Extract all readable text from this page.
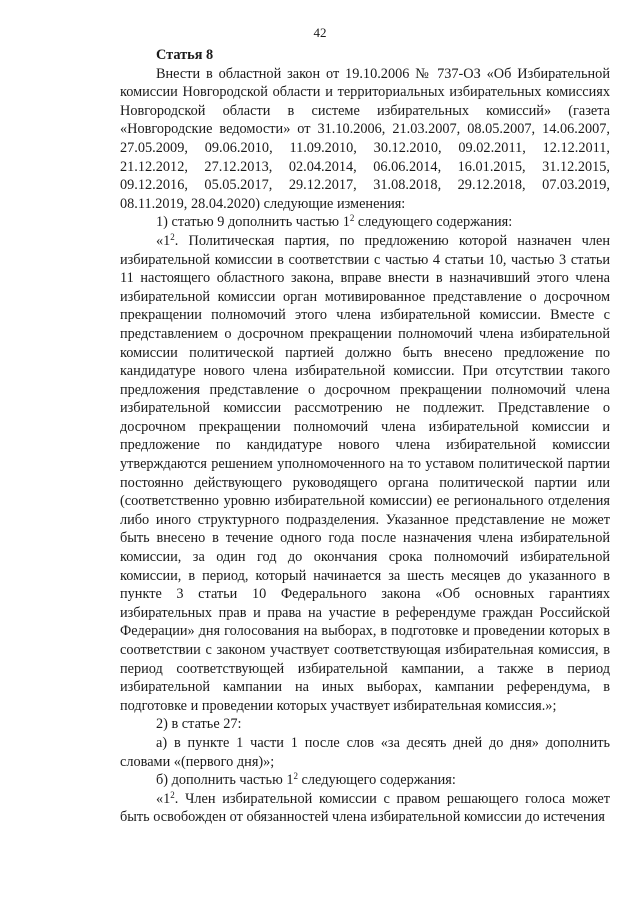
42

Статья 8

Внести в областной закон от 19.10.2006 № 737-ОЗ «Об Избирательной комиссии Новгородской области и территориальных избирательных комиссиях Новгородской области в системе избирательных комиссий» (газета «Новгородские ведомости» от 31.10.2006, 21.03.2007, 08.05.2007, 14.06.2007, 27.05.2009, 09.06.2010, 11.09.2010, 30.12.2010, 09.02.2011, 12.12.2011, 21.12.2012, 27.12.2013, 02.04.2014, 06.06.2014, 16.01.2015, 31.12.2015, 09.12.2016, 05.05.2017, 29.12.2017, 31.08.2018, 29.12.2018, 07.03.2019, 08.11.2019, 28.04.2020) следующие изменения:

1) статью 9 дополнить частью $1^2$ следующего содержания:

«$1^2$. Политическая партия, по предложению которой назначен член избирательной комиссии в соответствии с частью 4 статьи 10, частью 3 статьи 11 настоящего областного закона, вправе внести в назначивший этого члена избирательной комиссии орган мотивированное представление о досрочном прекращении полномочий этого члена избирательной комиссии. Вместе с представлением о досрочном прекращении полномочий члена избирательной комиссии политической партией должно быть внесено предложение по кандидатуре нового члена избирательной комиссии. При отсутствии такого предложения представление о досрочном прекращении полномочий члена избирательной комиссии рассмотрению не подлежит. Представление о досрочном прекращении полномочий члена избирательной комиссии и предложение по кандидатуре нового члена избирательной комиссии утверждаются решением уполномоченного на то уставом политической партии постоянно действующего руководящего органа политической партии или (соответственно уровню избирательной комиссии) ее регионального отделения либо иного структурного подразделения. Указанное представление не может быть внесено в течение одного года после назначения члена избирательной комиссии, за один год до окончания срока полномочий избирательной комиссии, в период, который начинается за шесть месяцев до указанного в пункте 3 статьи 10 Федерального закона «Об основных гарантиях избирательных прав и права на участие в референдуме граждан Российской Федерации» дня голосования на выборах, в подготовке и проведении которых в соответствии с законом участвует соответствующая избирательная комиссия, в период соответствующей избирательной кампании, а также в период избирательной кампании на иных выборах, кампании референдума, в подготовке и проведении которых участвует избирательная комиссия.»;

2) в статье 27:

а) в пункте 1 части 1 после слов «за десять дней до дня» дополнить словами «(первого дня)»;

б) дополнить частью $1^2$ следующего содержания:

«$1^2$. Член избирательной комиссии с правом решающего голоса может быть освобожден от обязанностей члена избирательной комиссии до истечения
